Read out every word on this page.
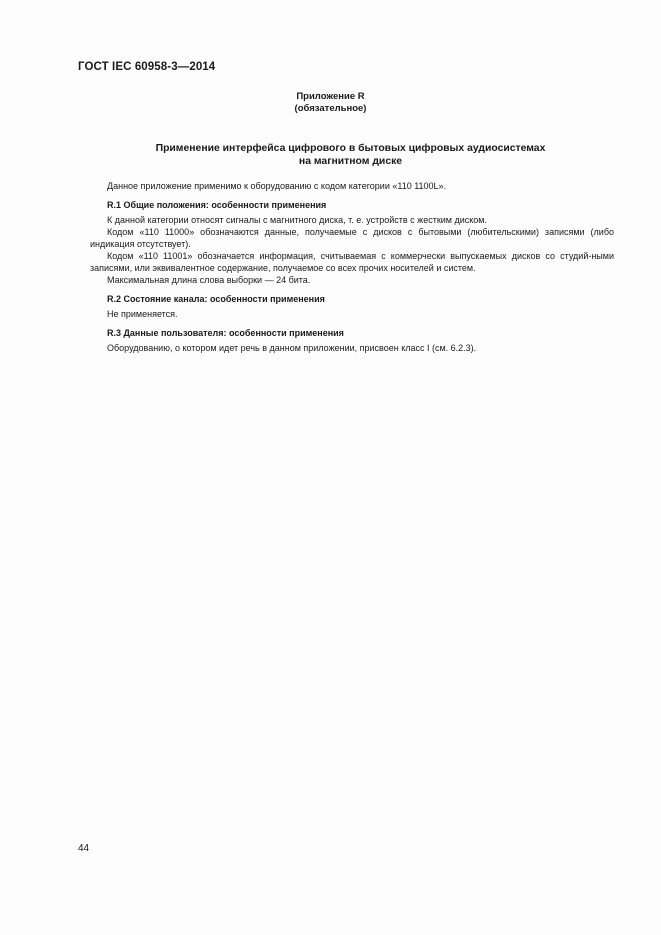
ГОСТ IEC 60958-3—2014
Приложение R
(обязательное)
Применение интерфейса цифрового в бытовых цифровых аудиосистемах
на магнитном диске

Данное приложение применимо к оборудованию с кодом категории «110 1100L».

R.1 Общие положения: особенности применения

К данной категории относят сигналы с магнитного диска, т. е. устройств с жестким диском.

Кодом «110 11000» обозначаются данные, получаемые с дисков с бытовыми (любительскими) записями (либо индикация отсутствует).

Кодом «110 11001» обозначается информация, считываемая с коммерчески выпускаемых дисков со студий-ными записями, или эквивалентное содержание, получаемое со всех прочих носителей и систем.

Максимальная длина слова выборки — 24 бита.

R.2 Состояние канала: особенности применения

Не применяется.

R.3 Данные пользователя: особенности применения

Оборудованию, о котором идет речь в данном приложении, присвоен класс I (см. 6.2.3).

44
